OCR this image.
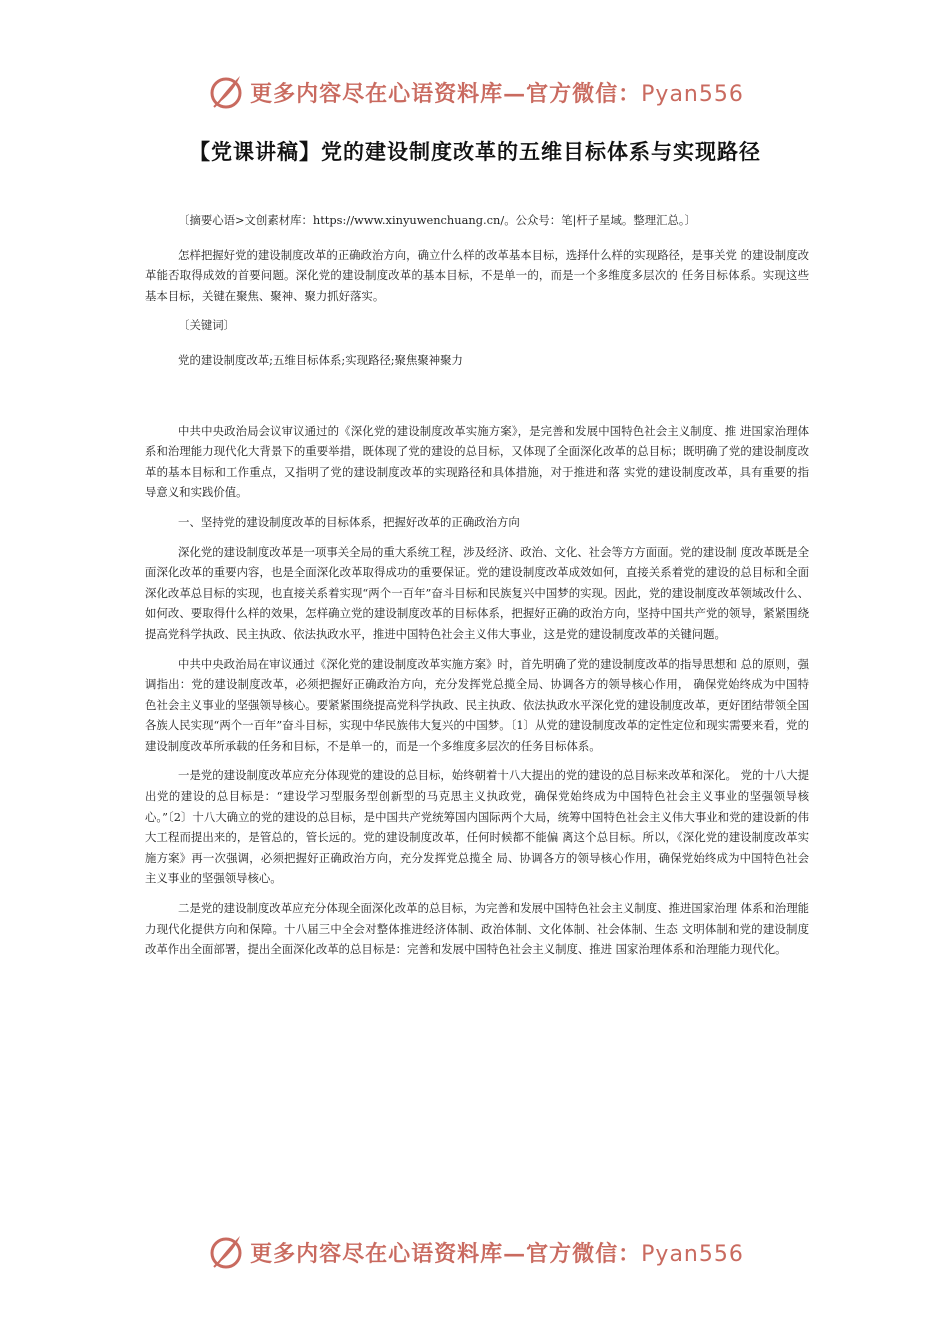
更多内容尽在心语资料库—官方微信：Pyan556
【党课讲稿】党的建设制度改革的五维目标体系与实现路径

〔摘要心语>文创素材库：https://www.xinyuwenchuang.cn/。公众号：笔|杆子星域。整理汇总。〕

怎样把握好党的建设制度改革的正确政治方向，确立什么样的改革基本目标，选择什么样的实现路径，是事关党 的建设制度改革能否取得成效的首要问题。深化党的建设制度改革的基本目标，不是单一的，而是一个多维度多层次的 任务目标体系。实现这些基本目标，关键在聚焦、聚神、聚力抓好落实。

〔关键词〕

党的建设制度改革;五维目标体系;实现路径;聚焦聚神聚力

中共中央政治局会议审议通过的《深化党的建设制度改革实施方案》，是完善和发展中国特色社会主义制度、推 进国家治理体系和治理能力现代化大背景下的重要举措，既体现了党的建设的总目标，又体现了全面深化改革的总目标；既明确了党的建设制度改革的基本目标和工作重点，又指明了党的建设制度改革的实现路径和具体措施，对于推进和落 实党的建设制度改革，具有重要的指导意义和实践价值。

一、坚持党的建设制度改革的目标体系，把握好改革的正确政治方向

深化党的建设制度改革是一项事关全局的重大系统工程，涉及经济、政治、文化、社会等方方面面。党的建设制 度改革既是全面深化改革的重要内容，也是全面深化改革取得成功的重要保证。党的建设制度改革成效如何，直接关系着党的建设的总目标和全面深化改革总目标的实现，也直接关系着实现“两个一百年”奋斗目标和民族复兴中国梦的实现。因此，党的建设制度改革领域改什么、如何改、要取得什么样的效果，怎样确立党的建设制度改革的目标体系，把握好正确的政治方向，坚持中国共产党的领导，紧紧围绕提高党科学执政、民主执政、依法执政水平，推进中国特色社会主义伟大事业，这是党的建设制度改革的关键问题。

中共中央政治局在审议通过《深化党的建设制度改革实施方案》时，首先明确了党的建设制度改革的指导思想和 总的原则，强调指出：党的建设制度改革，必须把握好正确政治方向，充分发挥党总揽全局、协调各方的领导核心作用， 确保党始终成为中国特色社会主义事业的坚强领导核心。要紧紧围绕提高党科学执政、民主执政、依法执政水平深化党的建设制度改革，更好团结带领全国各族人民实现“两个一百年”奋斗目标，实现中华民族伟大复兴的中国梦。〔1〕从党的建设制度改革的定性定位和现实需要来看，党的建设制度改革所承载的任务和目标，不是单一的，而是一个多维度多层次的任务目标体系。

一是党的建设制度改革应充分体现党的建设的总目标，始终朝着十八大提出的党的建设的总目标来改革和深化。 党的十八大提出党的建设的总目标是：“建设学习型服务型创新型的马克思主义执政党，确保党始终成为中国特色社会主义事业的坚强领导核心。”〔2〕十八大确立的党的建设的总目标，是中国共产党统筹国内国际两个大局，统筹中国特色社会主义伟大事业和党的建设新的伟大工程而提出来的，是管总的，管长远的。党的建设制度改革，任何时候都不能偏 离这个总目标。所以，《深化党的建设制度改革实施方案》再一次强调，必须把握好正确政治方向，充分发挥党总揽全 局、协调各方的领导核心作用，确保党始终成为中国特色社会主义事业的坚强领导核心。

二是党的建设制度改革应充分体现全面深化改革的总目标，为完善和发展中国特色社会主义制度、推进国家治理 体系和治理能力现代化提供方向和保障。十八届三中全会对整体推进经济体制、政治体制、文化体制、社会体制、生态 文明体制和党的建设制度改革作出全面部署，提出全面深化改革的总目标是：完善和发展中国特色社会主义制度、推进 国家治理体系和治理能力现代化。

更多内容尽在心语资料库—官方微信：Pyan556
